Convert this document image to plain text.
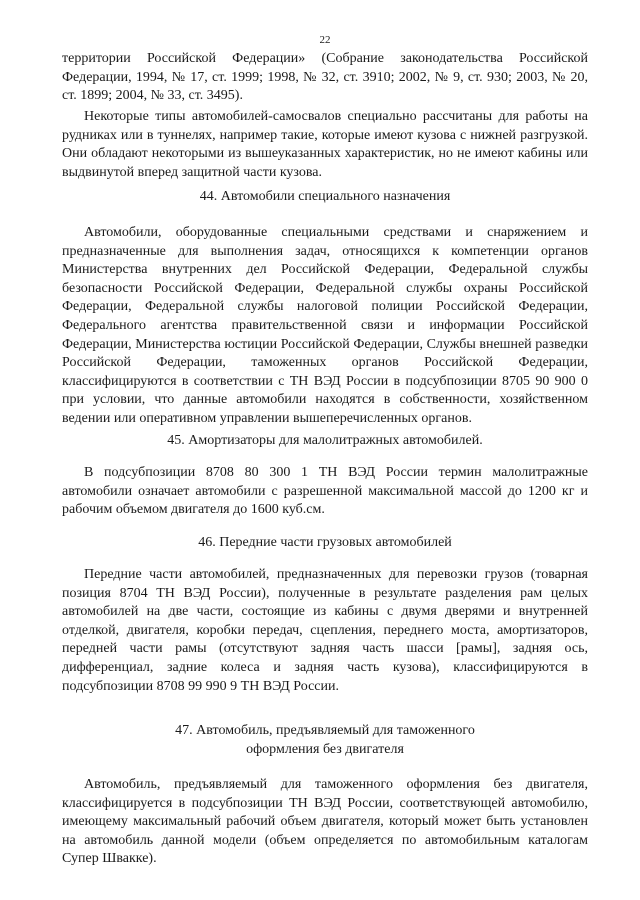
22

территории Российской Федерации» (Собрание законодательства Российской Федерации, 1994, № 17, ст. 1999; 1998, № 32, ст. 3910; 2002, № 9, ст. 930; 2003, № 20, ст. 1899; 2004, № 33, ст. 3495).

Некоторые типы автомобилей-самосвалов специально рассчитаны для работы на рудниках или в туннелях, например такие, которые имеют кузова с нижней разгрузкой. Они обладают некоторыми из вышеуказанных характеристик, но не имеют кабины или выдвинутой вперед защитной части кузова.

44. Автомобили специального назначения

Автомобили, оборудованные специальными средствами и снаряжением и предназначенные для выполнения задач, относящихся к компетенции органов Министерства внутренних дел Российской Федерации, Федеральной службы безопасности Российской Федерации, Федеральной службы охраны Российской Федерации, Федеральной службы налоговой полиции Российской Федерации, Федерального агентства правительственной связи и информации Российской Федерации, Министерства юстиции Российской Федерации, Службы внешней разведки Российской Федерации, таможенных органов Российской Федерации, классифицируются в соответствии с ТН ВЭД России в подсубпозиции 8705 90 900 0 при условии, что данные автомобили находятся в собственности, хозяйственном ведении или оперативном управлении вышеперечисленных органов.

45. Амортизаторы для малолитражных автомобилей.

В подсубпозиции 8708 80 300 1 ТН ВЭД России термин малолитражные автомобили означает автомобили с разрешенной максимальной массой до 1200 кг и рабочим объемом двигателя до 1600 куб.см.

46. Передние части грузовых автомобилей

Передние части автомобилей, предназначенных для перевозки грузов (товарная позиция 8704 ТН ВЭД России), полученные в результате разделения рам целых автомобилей на две части, состоящие из кабины с двумя дверями и внутренней отделкой, двигателя, коробки передач, сцепления, переднего моста, амортизаторов, передней части рамы (отсутствуют задняя часть шасси [рамы], задняя ось, дифференциал, задние колеса и задняя часть кузова), классифицируются в подсубпозиции 8708 99 990 9 ТН ВЭД России.

47. Автомобиль, предъявляемый для таможенного
оформления без двигателя

Автомобиль, предъявляемый для таможенного оформления без двигателя, классифицируется в подсубпозиции ТН ВЭД России, соответствующей автомобилю, имеющему максимальный рабочий объем двигателя, который может быть установлен на автомобиль данной модели (объем определяется по автомобильным каталогам Супер Швакке).
